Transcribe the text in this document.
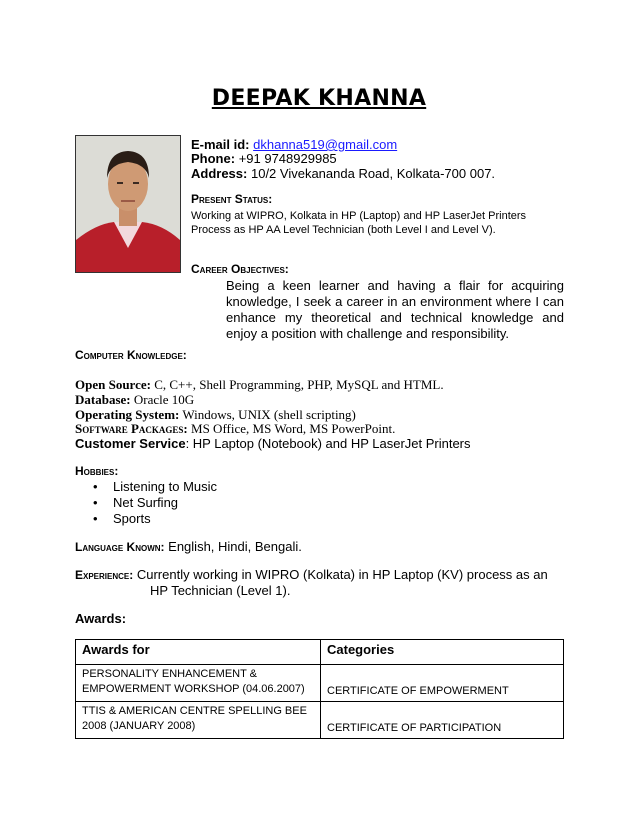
DEEPAK KHANNA
E-mail id: dkhanna519@gmail.com
Phone: +91 9748929985
Address: 10/2 Vivekananda Road, Kolkata-700 007.
Present Status:
Working at WIPRO, Kolkata in HP (Laptop) and HP LaserJet Printers
Process as HP AA Level Technician (both Level I and Level V).
Career Objectives:
Being a keen learner and having a flair for acquiring knowledge, I seek a career in an environment where I can enhance my theoretical and technical knowledge and enjoy a position with challenge and responsibility.
Computer Knowledge:
Open Source: C, C++, Shell Programming, PHP, MySQL and HTML.
Database: Oracle 10G
Operating System: Windows, UNIX (shell scripting)
Software Packages: MS Office, MS Word, MS PowerPoint.
Customer Service: HP Laptop (Notebook) and HP LaserJet Printers
Hobbies:
• Listening to Music
• Net Surfing
• Sports
Language Known: English, Hindi, Bengali.
Experience: Currently working in WIPRO (Kolkata) in HP Laptop (KV) process as an
HP Technician (Level 1).
Awards:
Awards for	Categories

PERSONALITY ENHANCEMENT &
EMPOWERMENT WORKSHOP (04.06.2007)	CERTIFICATE OF EMPOWERMENT

TTIS & AMERICAN CENTRE SPELLING BEE
2008 (JANUARY 2008)	CERTIFICATE OF PARTICIPATION
